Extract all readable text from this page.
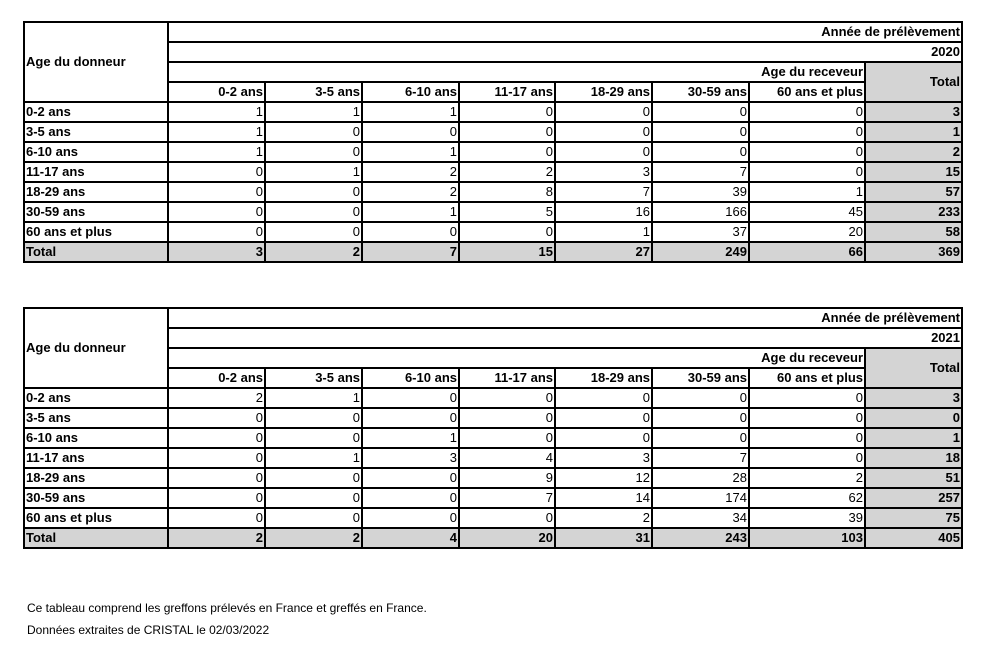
Age du donneur	Année de prélèvement							
	2020							
	Age du receveur							Total
	0-2 ans	3-5 ans	6-10 ans	11-17 ans	18-29 ans	30-59 ans	60 ans et plus	
0-2 ans	1	1	1	0	0	0	0	3
3-5 ans	1	0	0	0	0	0	0	1
6-10 ans	1	0	1	0	0	0	0	2
11-17 ans	0	1	2	2	3	7	0	15
18-29 ans	0	0	2	8	7	39	1	57
30-59 ans	0	0	1	5	16	166	45	233
60 ans et plus	0	0	0	0	1	37	20	58
Total	3	2	7	15	27	249	66	369
Age du donneur	Année de prélèvement							
	2021							
	Age du receveur							Total
	0-2 ans	3-5 ans	6-10 ans	11-17 ans	18-29 ans	30-59 ans	60 ans et plus	
0-2 ans	2	1	0	0	0	0	0	3
3-5 ans	0	0	0	0	0	0	0	0
6-10 ans	0	0	1	0	0	0	0	1
11-17 ans	0	1	3	4	3	7	0	18
18-29 ans	0	0	0	9	12	28	2	51
30-59 ans	0	0	0	7	14	174	62	257
60 ans et plus	0	0	0	0	2	34	39	75
Total	2	2	4	20	31	243	103	405
Ce tableau comprend les greffons prélevés en France et greffés en France.
Données extraites de CRISTAL le 02/03/2022
